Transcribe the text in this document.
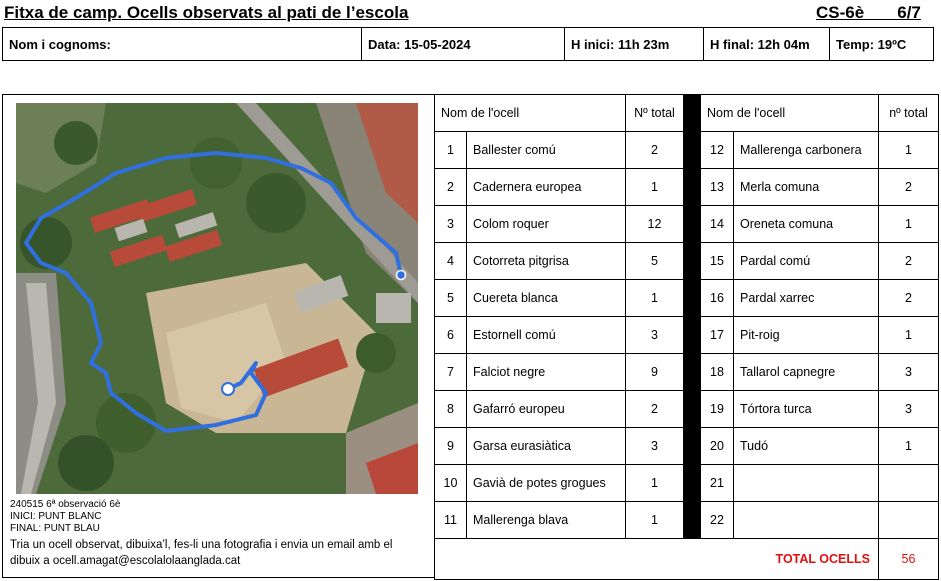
Fitxa de camp. Ocells observats al pati de l’escola	CS-6è       6/7
Nom i cognoms:	Data: 15-05-2024	H inici: 11h 23m	H final: 12h 04m	Temp: 19ºC
240515 6ª observació 6è
INICI: PUNT BLANC
FINAL: PUNT BLAU
Tria un ocell observat, dibuixa’l, fes-li una fotografia i envia un email amb el dibuix a ocell.amagat@escolalolaanglada.cat
Nom de l'ocell		Nº total		Nom de l'ocell		nº total
1	Ballester comú	2		12	Mallerenga carbonera	1
2	Cadernera europea	1		13	Merla comuna	2
3	Colom roquer	12		14	Oreneta comuna	1
4	Cotorreta pitgrisa	5		15	Pardal comú	2
5	Cuereta blanca	1		16	Pardal xarrec	2
6	Estornell comú	3		17	Pit-roig	1
7	Falciot negre	9		18	Tallarol capnegre	3
8	Gafarró europeu	2		19	Tórtora turca	3
9	Garsa eurasiàtica	3		20	Tudó	1
10	Gavià de potes grogues	1		21		
11	Mallerenga blava	1		22		
TOTAL OCELLS						56
